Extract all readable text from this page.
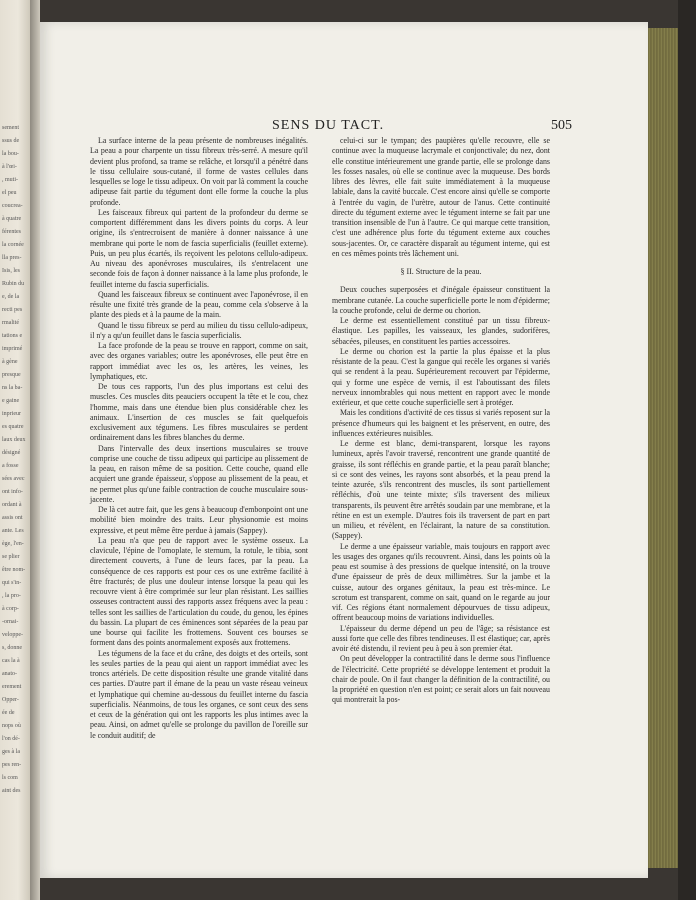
sement
ssus de
la bou-
à l'œi-
, muti-
el peu
coucrea-
à quatre
férentes
la cornée
lla pres-
Isis, les
Rubin du
e, de la
recti pes
rmalité
tations e
imprimé
à gène
presque
ns la ba-
e gaine
inprieur
es quatre
laux deux
désigné
a fosse
sées avec
ont info-
ordant à
assis ont
ante. Les
ège, l'en-
se plier
être nom-
qui s'in-
, la pro-
à corp-
-ornai-
veloppe-
s, donne
cas la à
anato-
erement
Opper-
ée de
nops où
l'on dé-
ges à la
pes ren-
ls com
aint des
SENS DU TACT.	505

La surface interne de la peau présente de nombreuses inégalités. La peau a pour charpente un tissu fibreux très-serré. A mesure qu'il devient plus profond, sa trame se relâche, et lorsqu'il a pénétré dans le tissu cellulaire sous-cutané, il forme de vastes cellules dans lesquelles se loge le tissu adipeux. On voit par là comment la couche adipeuse fait partie du tégument dont elle forme la couche la plus profonde.

Les faisceaux fibreux qui partent de la profondeur du derme se comportent différemment dans les divers points du corps. A leur origine, ils s'entrecroisent de manière à donner naissance à une membrane qui porte le nom de fascia superficialis (feuillet externe). Puis, un peu plus écartés, ils reçoivent les pelotons cellulo-adipeux. Au niveau des aponévroses musculaires, ils s'entrelacent une seconde fois de façon à donner naissance à la lame plus profonde, le feuillet interne du fascia superficialis.

Quand les faisceaux fibreux se continuent avec l'aponévrose, il en résulte une fixité très grande de la peau, comme cela s'observe à la plante des pieds et à la paume de la main.

Quand le tissu fibreux se perd au milieu du tissu cellulo-adipeux, il n'y a qu'un feuillet dans le fascia superficialis.

La face profonde de la peau se trouve en rapport, comme on sait, avec des organes variables; outre les aponévroses, elle peut être en rapport immédiat avec les os, les artères, les veines, les lymphatiques, etc.

De tous ces rapports, l'un des plus importans est celui des muscles. Ces muscles dits peauciers occupent la tête et le cou, chez l'homme, mais dans une étendue bien plus considérable chez les animaux. L'insertion de ces muscles se fait quelquefois exclusivement aux tégumens. Les fibres musculaires se perdent ordinairement dans les fibres blanches du derme.

Dans l'intervalle des deux insertions musculaires se trouve comprise une couche de tissu adipeux qui participe au plissement de la peau, en raison même de sa position. Cette couche, quand elle acquiert une grande épaisseur, s'oppose au plissement de la peau, et ne permet plus qu'une faible contraction de couche musculaire sous-jacente.

De là cet autre fait, que les gens à beaucoup d'embonpoint ont une mobilité bien moindre des traits. Leur physionomie est moins expressive, et peut même être perdue à jamais (Sappey).

La peau n'a que peu de rapport avec le système osseux. La clavicule, l'épine de l'omoplate, le sternum, la rotule, le tibia, sont directement couverts, à l'une de leurs faces, par la peau. La conséquence de ces rapports est pour ces os une extrême facilité à être fracturés; de plus une douleur intense lorsque la peau qui les recouvre vient à être comprimée sur leur plan résistant. Les saillies osseuses contractent aussi des rapports assez fréquens avec la peau : telles sont les saillies de l'articulation du coude, du genou, les épines du bassin. La plupart de ces éminences sont séparées de la peau par une bourse qui facilite les frottemens. Souvent ces bourses se forment dans des points anormalement exposés aux frottemens.

Les tégumens de la face et du crâne, des doigts et des orteils, sont les seules parties de la peau qui aient un rapport immédiat avec les troncs artériels. De cette disposition résulte une grande vitalité dans ces parties. D'autre part il émane de la peau un vaste réseau veineux et lymphatique qui chemine au-dessous du feuillet interne du fascia superficialis. Néanmoins, de tous les organes, ce sont ceux des sens et ceux de la génération qui ont les rapports les plus intimes avec la peau. Ainsi, on admet qu'elle se prolonge du pavillon de l'oreille sur le conduit auditif; de

celui-ci sur le tympan; des paupières qu'elle recouvre, elle se continue avec la muqueuse lacrymale et conjonctivale; du nez, dont elle constitue intérieurement une grande partie, elle se prolonge dans les fosses nasales, où elle se continue avec la muqueuse. Des bords libres des lèvres, elle fait suite immédiatement à la muqueuse labiale, dans la cavité buccale. C'est encore ainsi qu'elle se comporte à l'entrée du vagin, de l'urètre, autour de l'anus. Cette continuité directe du tégument externe avec le tégument interne se fait par une transition insensible de l'un à l'autre. Ce qui marque cette transition, c'est une adhérence plus forte du tégument externe aux couches sous-jacentes. Or, ce caractère disparaît au tégument interne, qui est en ces mêmes points très lâchement uni.

§ II. Structure de la peau.

Deux couches superposées et d'inégale épaisseur constituent la membrane cutanée. La couche superficielle porte le nom d'épiderme; la couche profonde, celui de derme ou chorion.

Le derme est essentiellement constitué par un tissu fibreux-élastique. Les papilles, les vaisseaux, les glandes, sudorifères, sébacées, pileuses, en constituent les parties accessoires.

Le derme ou chorion est la partie la plus épaisse et la plus résistante de la peau. C'est la gangue qui recèle les organes si variés qui se rendent à la peau. Supérieurement recouvert par l'épiderme, qui y forme une espèce de vernis, il est l'aboutissant des filets nerveux innombrables qui nous mettent en rapport avec le monde extérieur, et que cette couche superficielle sert à protéger.

Mais les conditions d'activité de ces tissus si variés reposent sur la présence d'humeurs qui les baignent et les préservent, en outre, des influences extérieures nuisibles.

Le derme est blanc, demi-transparent, lorsque les rayons lumineux, après l'avoir traversé, rencontrent une grande quantité de graisse, ils sont réfléchis en grande partie, et la peau paraît blanche; si ce sont des veines, les rayons sont absorbés, et la peau prend la teinte azurée, s'ils rencontrent des muscles, ils sont partiellement réfléchis, d'où une teinte mixte; s'ils traversent des milieux transparents, ils peuvent être arrêtés soudain par une membrane, et la rétine en est un exemple. D'autres fois ils traversent de part en part un milieu, et révèlent, en l'éclairant, la nature de sa constitution. (Sappey).

Le derme a une épaisseur variable, mais toujours en rapport avec les usages des organes qu'ils recouvrent. Ainsi, dans les points où la peau est soumise à des pressions de quelque intensité, on la trouve d'une épaisseur de près de deux millimètres. Sur la jambe et la cuisse, autour des organes génitaux, la peau est très-mince. Le scrotum est transparent, comme on sait, quand on le regarde au jour vif. Ces régions étant normalement dépourvues de tissu adipeux, offrent beaucoup moins de variations individuelles.

L'épaisseur du derme dépend un peu de l'âge; sa résistance est aussi forte que celle des fibres tendineuses. Il est élastique; car, après avoir été distendu, il revient peu à peu à son premier état.

On peut développer la contractilité dans le derme sous l'influence de l'électricité. Cette propriété se développe lentement et produit la chair de poule. On il faut changer la définition de la contractilité, ou la propriété en question n'en est point; ce serait alors un fait nouveau qui montrerait la pos-
